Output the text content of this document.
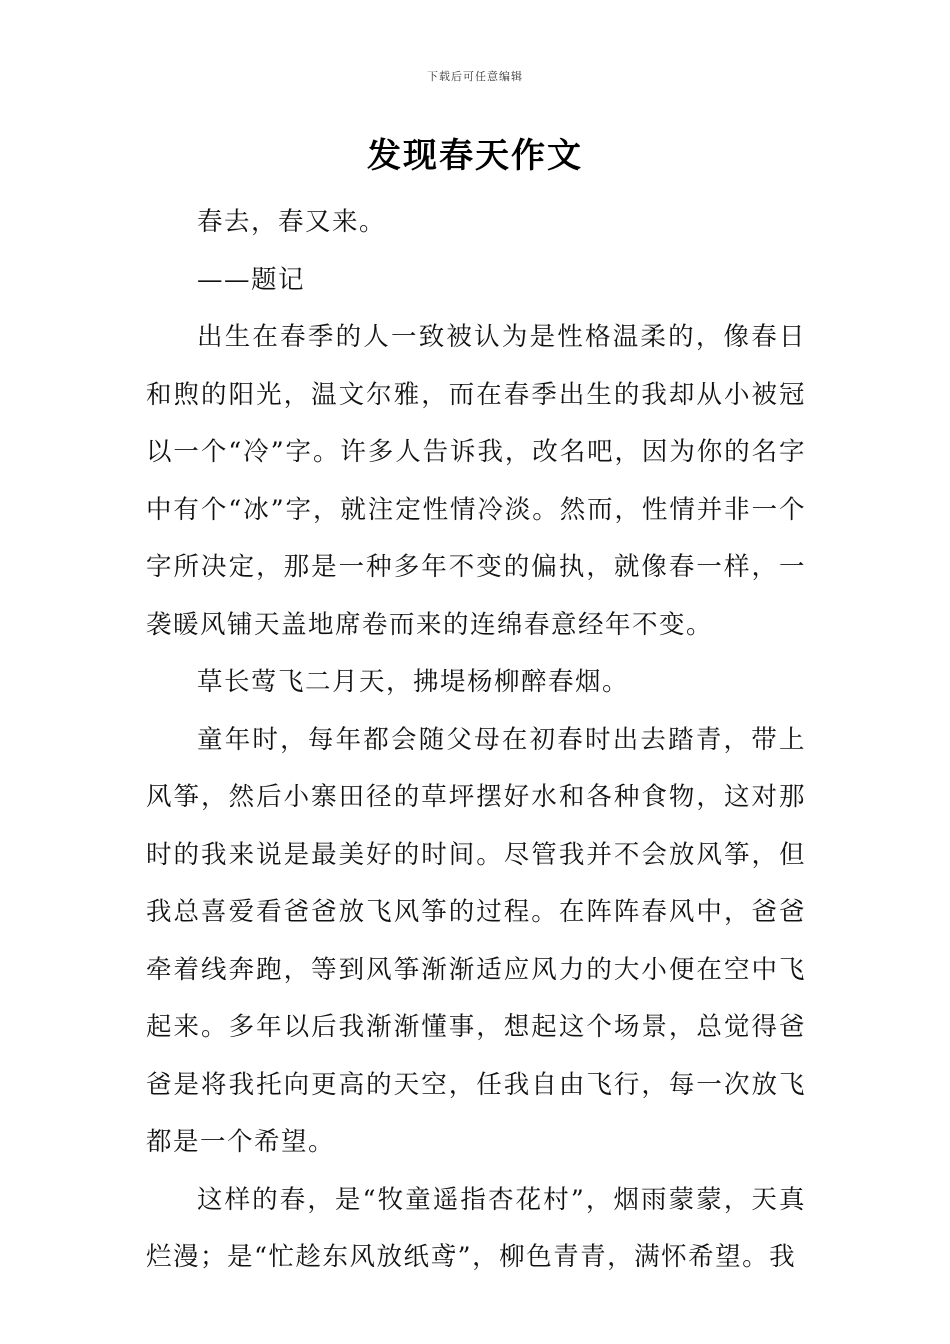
下载后可任意编辑
发现春天作文

春去，春又来。

——题记

出生在春季的人一致被认为是性格温柔的，像春日和煦的阳光，温文尔雅，而在春季出生的我却从小被冠以一个“冷”字。许多人告诉我，改名吧，因为你的名字中有个“冰”字，就注定性情冷淡。然而，性情并非一个字所决定，那是一种多年不变的偏执，就像春一样，一袭暖风铺天盖地席卷而来的连绵春意经年不变。

草长莺飞二月天，拂堤杨柳醉春烟。

童年时，每年都会随父母在初春时出去踏青，带上风筝，然后小寨田径的草坪摆好水和各种食物，这对那时的我来说是最美好的时间。尽管我并不会放风筝，但我总喜爱看爸爸放飞风筝的过程。在阵阵春风中，爸爸牵着线奔跑，等到风筝渐渐适应风力的大小便在空中飞起来。多年以后我渐渐懂事，想起这个场景，总觉得爸爸是将我托向更高的天空，任我自由飞行，每一次放飞都是一个希望。

这样的春，是“牧童遥指杏花村”，烟雨蒙蒙，天真烂漫；是“忙趁东风放纸鸢”，柳色青青，满怀希望。我
